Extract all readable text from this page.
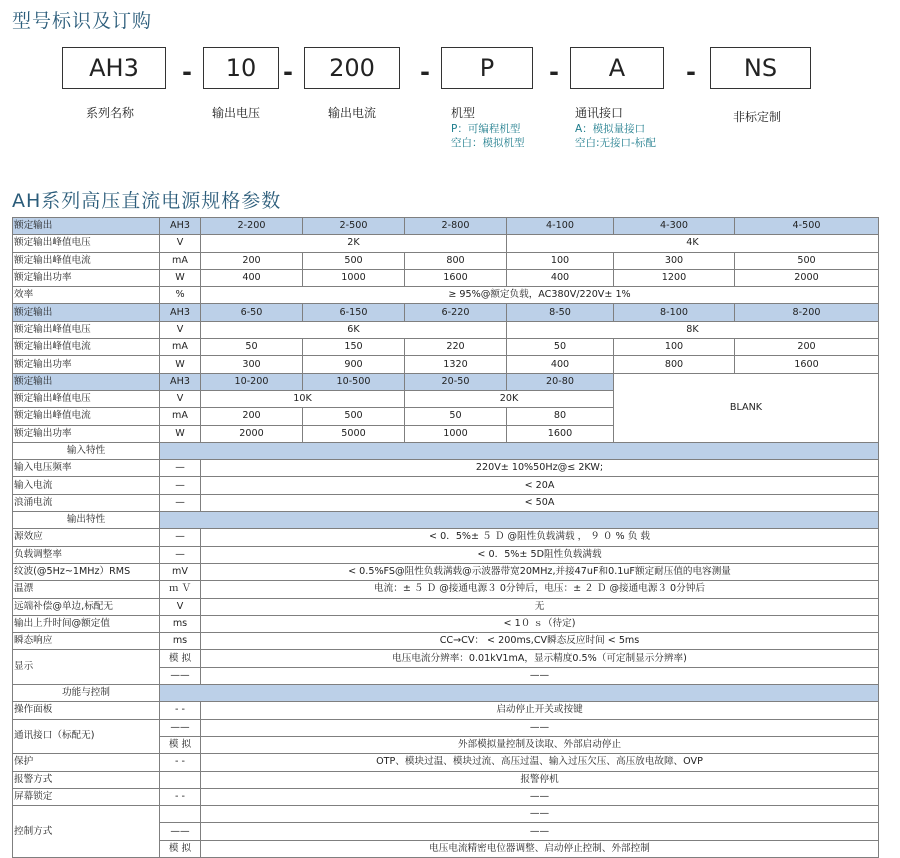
型号标识及订购
AH3	-	10	-	200	-	P	-	A	-	NS
系列名称	输出电压	输出电流	机型	通讯接口	非标定制
P：可编程机型
空白：模拟机型
A：模拟量接口
空白:无接口-标配
AH系列高压直流电源规格参数
额定输出	AH3	2-200	2-500	2-800	4-100	4-300	4-500
额定输出峰值电压	V	2K			4K		
额定输出峰值电流	mA	200	500	800	100	300	500
额定输出功率	W	400	1000	1600	400	1200	2000
效率	%	≥ 95%@额定负载，AC380V/220V± 1%					
额定输出	AH3	6-50	6-150	6-220	8-50	8-100	8-200
额定输出峰值电压	V	6K			8K		
额定输出峰值电流	mA	50	150	220	50	100	200
额定输出功率	W	300	900	1320	400	800	1600
额定输出	AH3	10-200	10-500	20-50	20-80	BLANK	
额定输出峰值电压	V	10K		20K			
额定输出峰值电流	mA	200	500	50	80		
额定输出功率	W	2000	5000	1000	1600		
输入特性							
输入电压频率	—	220V± 10%50Hz@≤ 2KW;					
输入电流	—	< 20A					
浪涌电流	—	< 50A					
输出特性							
源效应	—	< 0．5%± ５ Ｄ @阻性负载满载 ， ９ ０ % 负 载					
负载调整率	—	< 0．5%± 5D阻性负载满载					
纹波(@5Hz~1MHz）RMS	mV	< 0.5%FS@阻性负载满载@示波器带宽20MHz,并接47uF和0.1uF额定耐压值的电容测量					
温漂	ｍ Ｖ	电流：± ５ Ｄ @接通电源３ 0分钟后，电压：± ２ Ｄ @接通电源３ 0分钟后					
远端补偿@单边,标配无	V	无					
输出上升时间@额定值	ms	< 1０ ｓ（待定)					
瞬态响应	ms	CC→CV： < 200ms,CV瞬态反应时间 < 5ms					
显示	模 拟	电压电流分辨率：0.01kV1mA，显示精度0.5%（可定制显示分辨率)					
	——	——					
功能与控制							
操作面板	- -	启动停止开关或按键					
通讯接口（标配无)	——	——					
	模 拟	外部模拟量控制及读取、外部启动停止					
保护	- -	OTP、模块过温、模块过流、高压过温、输入过压欠压、高压放电故障、OVP					
报警方式		报警停机					
屏幕锁定	- -	——					
控制方式		——					
	——	——					
	模 拟	电压电流精密电位器调整、启动停止控制、外部控制					
